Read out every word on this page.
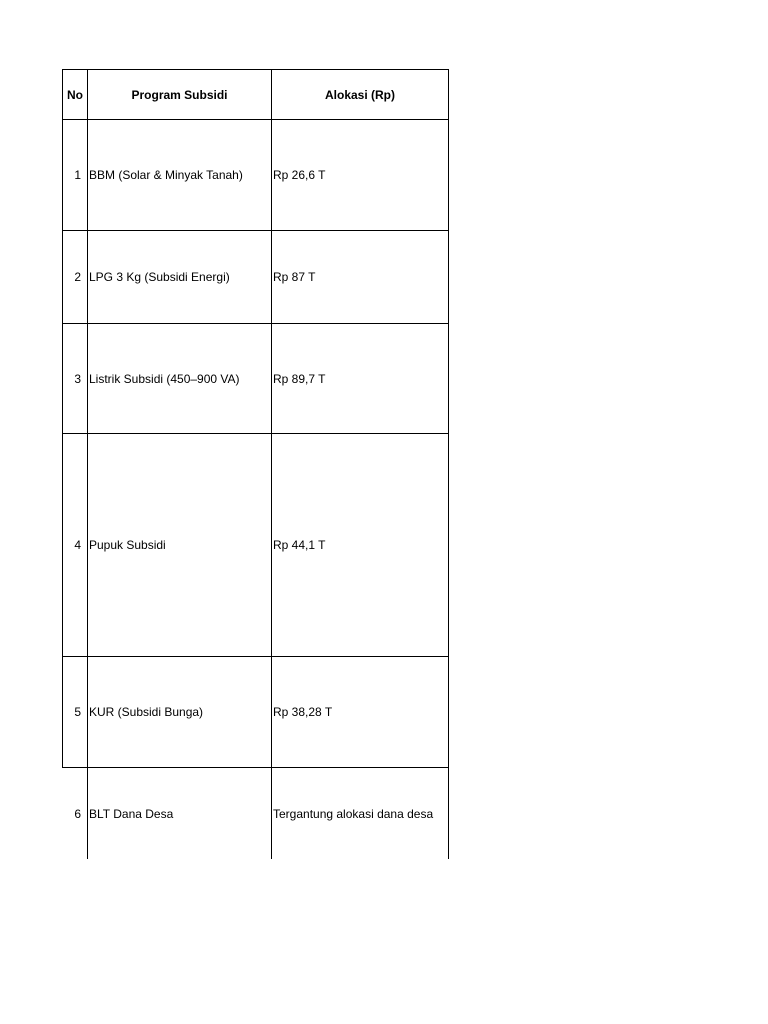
No	Program Subsidi	Alokasi (Rp)
1	BBM (Solar & Minyak Tanah)	Rp 26,6 T
2	LPG 3 Kg (Subsidi Energi)	Rp 87 T
3	Listrik Subsidi (450–900 VA)	Rp 89,7 T
4	Pupuk Subsidi	Rp 44,1 T
5	KUR (Subsidi Bunga)	Rp 38,28 T
6	BLT Dana Desa	Tergantung alokasi dana desa
